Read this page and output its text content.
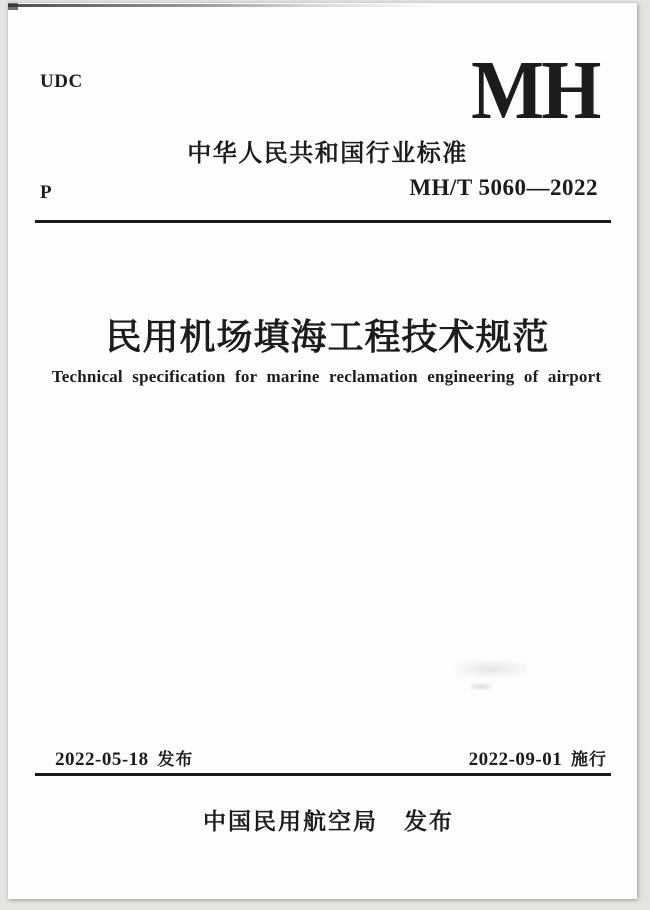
UDC	MH
中华人民共和国行业标准
P	MH/T 5060—2022
民用机场填海工程技术规范
Technical specification for marine reclamation engineering of airport
2022-05-18 发布	2022-09-01 施行
中国民用航空局 发布
